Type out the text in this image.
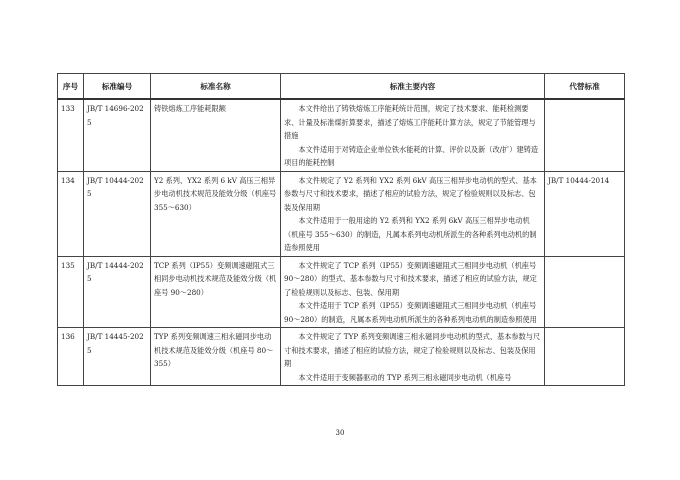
序号	标准编号	标准名称	标准主要内容	代替标准
133	JB/T 14696-2025	铸铁熔炼工序能耗限额	本文件给出了铸铁熔炼工序能耗统计范围，规定了技术要求、能耗检测要求、计量及标准煤折算要求，描述了熔炼工序能耗计算方法，规定了节能管理与措施

本文件适用于对铸造企业单位铁水能耗的计算、评价以及新（改/扩）建铸造项目的能耗控制	

134	JB/T 10444-2025	Y2 系列、YX2 系列 6 kV 高压三相异步电动机技术规范及能效分级（机座号 355～630）	本文件规定了 Y2 系列和 YX2 系列 6kV 高压三相异步电动机的型式、基本参数与尺寸和技术要求，描述了相应的试验方法，规定了检验规则以及标志、包装及保用期

本文件适用于一般用途的 Y2 系列和 YX2 系列 6kV 高压三相异步电动机（机座号 355～630）的制造，凡属本系列电动机所派生的各种系列电动机的制造参照使用	JB/T 10444-2014
135	JB/T 14444-2025	TCP 系列（IP55）变频调速磁阻式三相同步电动机技术规范及能效分级（机座号 90～280）	本文件规定了 TCP 系列（IP55）变频调速磁阻式三相同步电动机（机座号 90～280）的型式、基本参数与尺寸和技术要求，描述了相应的试验方法，规定了检验规则以及标志、包装、保用期

本文件适用于 TCP 系列（IP55）变频调速磁阻式三相同步电动机（机座号 90～280）的制造，凡属本系列电动机所派生的各种系列电动机的制造参照使用	

136	JB/T 14445-2025	TYP 系列变频调速三相永磁同步电动机技术规范及能效分级（机座号 80～355）	本文件规定了 TYP 系列变频调速三相永磁同步电动机的型式、基本参数与尺寸和技术要求，描述了相应的试验方法，规定了检验规则以及标志、包装及保用期

本文件适用于变频器驱动的 TYP 系列三相永磁同步电动机（机座号	

30
